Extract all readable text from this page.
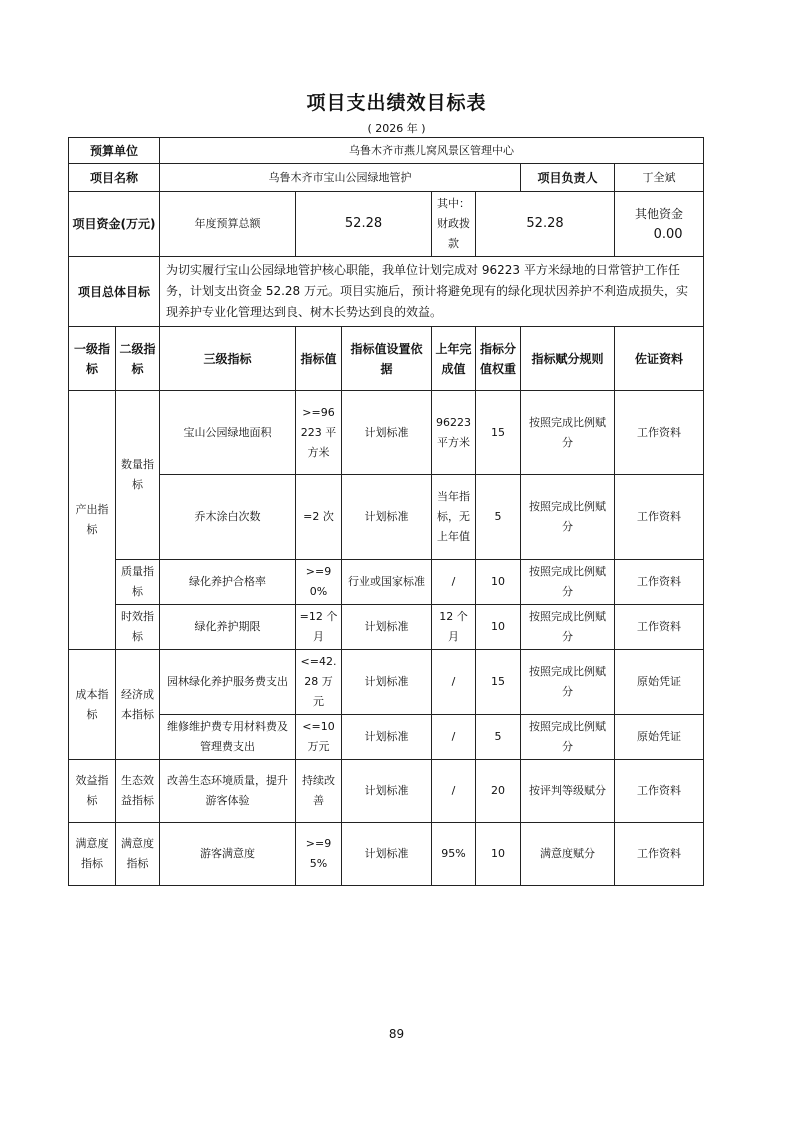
项目支出绩效目标表
( 2026 年 )
预算单位		乌鲁木齐市燕儿窝风景区管理中心						
项目名称		乌鲁木齐市宝山公园绿地管护					项目负责人	丁全斌
项目资金(万元)		年度预算总额	52.28		其中：财政拨款	52.28		其他资金 0.00
项目总体目标		为切实履行宝山公园绿地管护核心职能，我单位计划完成对 96223 平方米绿地的日常管护工作任务，计划支出资金 52.28 万元。项目实施后，预计将避免现有的绿化现状因养护不利造成损失，实现养护专业化管理达到良、树木长势达到良的效益。						
一级指标	二级指标	三级指标	指标值	指标值设置依据	上年完成值	指标分值权重	指标赋分规则	佐证资料
产出指标	数量指标	宝山公园绿地面积	>=96223 平方米	计划标准	96223 平方米	15	按照完成比例赋分	工作资料
		乔木涂白次数	=2 次	计划标准	当年指标，无上年值	5	按照完成比例赋分	工作资料
	质量指标	绿化养护合格率	>=90%	行业或国家标准	/	10	按照完成比例赋分	工作资料
	时效指标	绿化养护期限	=12 个月	计划标准	12 个月	10	按照完成比例赋分	工作资料
成本指标	经济成本指标	园林绿化养护服务费支出	<=42.28 万元	计划标准	/	15	按照完成比例赋分	原始凭证
		维修维护费专用材料费及管理费支出	<=10 万元	计划标准	/	5	按照完成比例赋分	原始凭证
效益指标	生态效益指标	改善生态环境质量，提升游客体验	持续改善	计划标准	/	20	按评判等级赋分	工作资料
满意度指标	满意度指标	游客满意度	>=95%	计划标准	95%	10	满意度赋分	工作资料
89
